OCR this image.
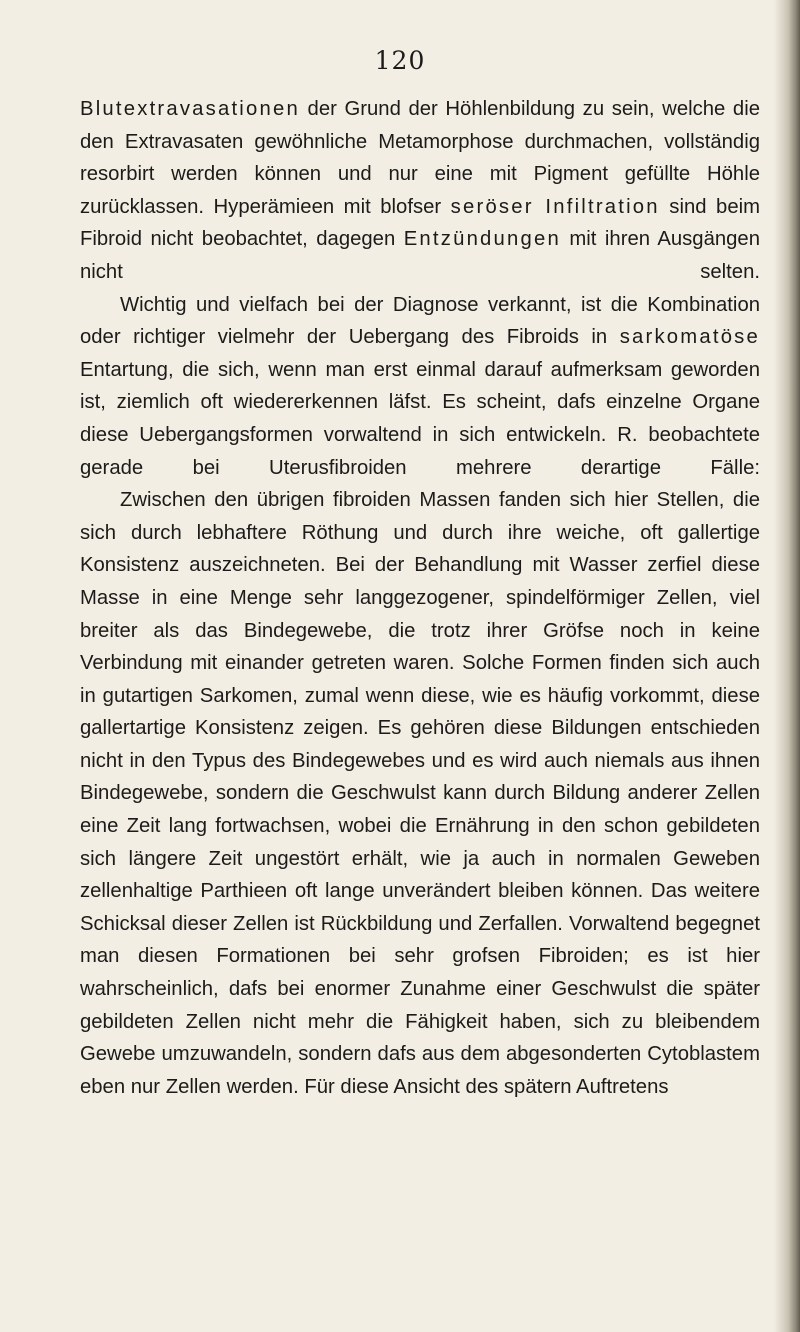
120

Blutextravasationen der Grund der Höhlenbildung zu sein, welche die den Extravasaten gewöhnliche Metamorphose durchmachen, vollständig resorbirt werden können und nur eine mit Pigment gefüllte Höhle zurücklassen. Hyperämieen mit blofser seröser Infiltration sind beim Fibroid nicht beobachtet, dagegen Entzündungen mit ihren Ausgängen nicht selten.

Wichtig und vielfach bei der Diagnose verkannt, ist die Kombination oder richtiger vielmehr der Uebergang des Fibroids in sarkomatöse Entartung, die sich, wenn man erst einmal darauf aufmerksam geworden ist, ziemlich oft wiedererkennen läfst. Es scheint, dafs einzelne Organe diese Uebergangsformen vorwaltend in sich entwickeln. R. beobachtete gerade bei Uterusfibroiden mehrere derartige Fälle:

Zwischen den übrigen fibroiden Massen fanden sich hier Stellen, die sich durch lebhaftere Röthung und durch ihre weiche, oft gallertige Konsistenz auszeichneten. Bei der Behandlung mit Wasser zerfiel diese Masse in eine Menge sehr langgezogener, spindelförmiger Zellen, viel breiter als das Bindegewebe, die trotz ihrer Gröfse noch in keine Verbindung mit einander getreten waren. Solche Formen finden sich auch in gutartigen Sarkomen, zumal wenn diese, wie es häufig vorkommt, diese gallertartige Konsistenz zeigen. Es gehören diese Bildungen entschieden nicht in den Typus des Bindegewebes und es wird auch niemals aus ihnen Bindegewebe, sondern die Geschwulst kann durch Bildung anderer Zellen eine Zeit lang fortwachsen, wobei die Ernährung in den schon gebildeten sich längere Zeit ungestört erhält, wie ja auch in normalen Geweben zellenhaltige Parthieen oft lange unverändert bleiben können. Das weitere Schicksal dieser Zellen ist Rückbildung und Zerfallen. Vorwaltend begegnet man diesen Formationen bei sehr grofsen Fibroiden; es ist hier wahrscheinlich, dafs bei enormer Zunahme einer Geschwulst die später gebildeten Zellen nicht mehr die Fähigkeit haben, sich zu bleibendem Gewebe umzuwandeln, sondern dafs aus dem abgesonderten Cytoblastem eben nur Zellen werden. Für diese Ansicht des spätern Auftretens
